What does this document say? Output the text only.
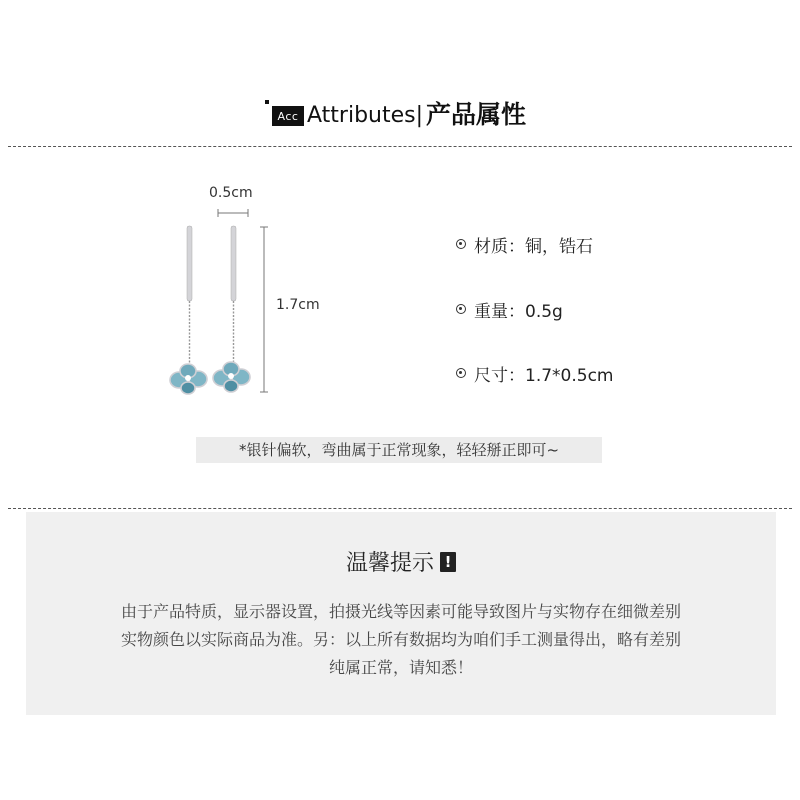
Acc Attributes| 产品属性
0.5cm
1.7cm
材质：铜，锆石
重量：0.5g
尺寸：1.7*0.5cm
*银针偏软，弯曲属于正常现象，轻轻掰正即可~
温馨提示 !
由于产品特质，显示器设置，拍摄光线等因素可能导致图片与实物存在细微差别
实物颜色以实际商品为准。另：以上所有数据均为咱们手工测量得出，略有差别
纯属正常，请知悉！
